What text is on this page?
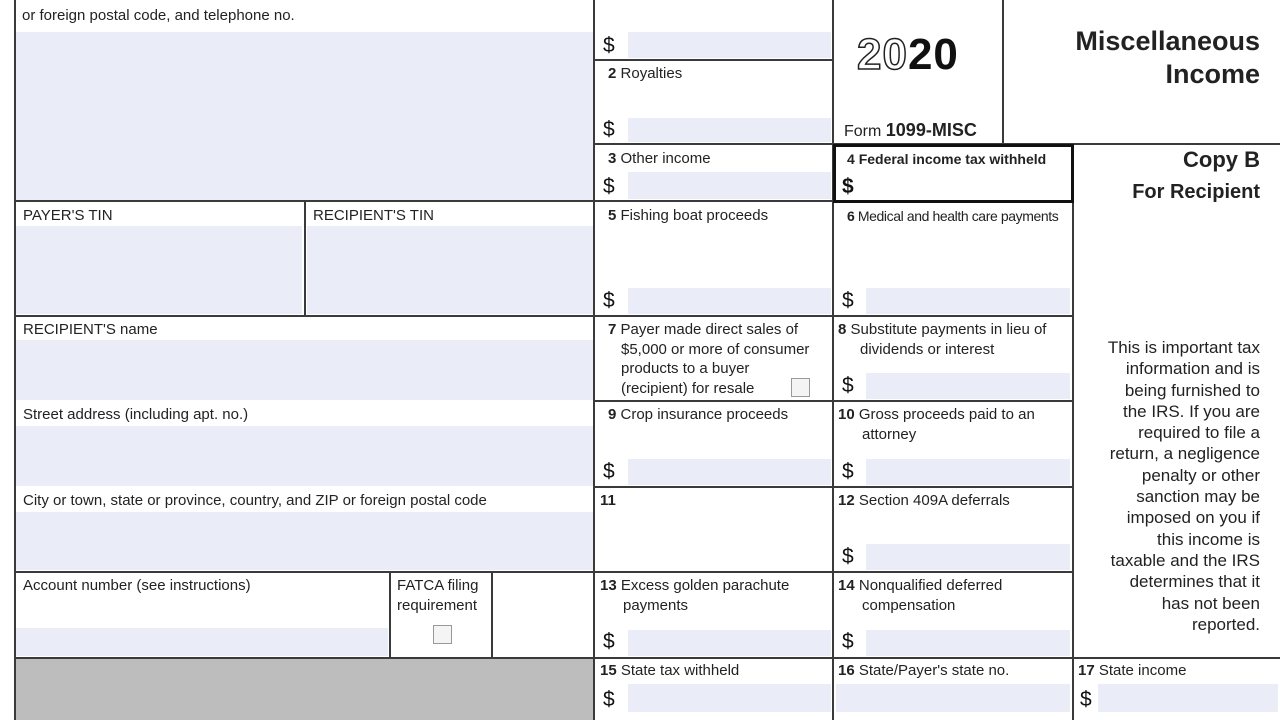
or foreign postal code, and telephone no.
PAYER'S TIN	RECIPIENT'S TIN
RECIPIENT'S name
Street address (including apt. no.)
City or town, state or province, country, and ZIP or foreign postal code
Account number (see instructions)	FATCA filing
requirement
2020
Form 1099-MISC
Miscellaneous
Income
Copy B
For Recipient
$
2 Royalties
$
3 Other income
$
4 Federal income tax withheld
$
5 Fishing boat proceeds
$
6 Medical and health care payments
$
7 Payer made direct sales of
$5,000 or more of consumer
products to a buyer
(recipient) for resale
8 Substitute payments in lieu of
dividends or interest
$
9 Crop insurance proceeds
$
10 Gross proceeds paid to an
attorney
$
11	12 Section 409A deferrals
$
13 Excess golden parachute
payments
$
14 Nonqualified deferred
compensation
$
15 State tax withheld
$
16 State/Payer's state no.	17 State income
$
This is important tax
information and is
being furnished to
the IRS. If you are
required to file a
return, a negligence
penalty or other
sanction may be
imposed on you if
this income is
taxable and the IRS
determines that it
has not been
reported.
